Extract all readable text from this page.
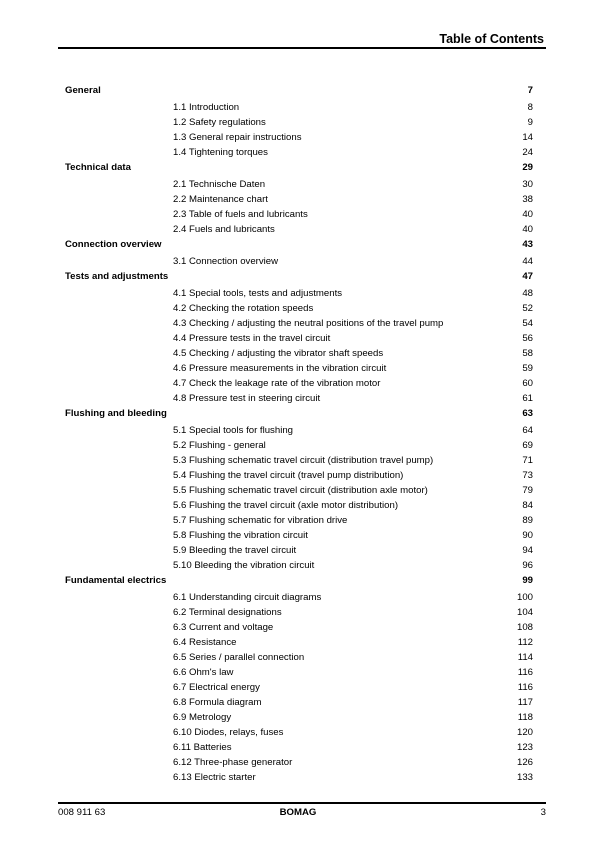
Table of Contents
General	7
1.1 Introduction	8
1.2 Safety regulations	9
1.3 General repair instructions	14
1.4 Tightening torques	24
Technical data	29
2.1 Technische Daten	30
2.2 Maintenance chart	38
2.3 Table of fuels and lubricants	40
2.4 Fuels and lubricants	40
Connection overview	43
3.1 Connection overview	44
Tests and adjustments	47
4.1 Special tools, tests and adjustments	48
4.2 Checking the rotation speeds	52
4.3 Checking / adjusting the neutral positions of the travel pump	54
4.4 Pressure tests in the travel circuit	56
4.5 Checking / adjusting the vibrator shaft speeds	58
4.6 Pressure measurements in the vibration circuit	59
4.7 Check the leakage rate of the vibration motor	60
4.8 Pressure test in steering circuit	61
Flushing and bleeding	63
5.1 Special tools for flushing	64
5.2 Flushing - general	69
5.3 Flushing schematic travel circuit (distribution travel pump)	71
5.4 Flushing the travel circuit (travel pump distribution)	73
5.5 Flushing schematic travel circuit (distribution axle motor)	79
5.6 Flushing the travel circuit (axle motor distribution)	84
5.7 Flushing schematic for vibration drive	89
5.8 Flushing the vibration circuit	90
5.9 Bleeding the travel circuit	94
5.10 Bleeding the vibration circuit	96
Fundamental electrics	99
6.1 Understanding circuit diagrams	100
6.2 Terminal designations	104
6.3 Current and voltage	108
6.4 Resistance	112
6.5 Series / parallel connection	114
6.6 Ohm's law	116
6.7 Electrical energy	116
6.8 Formula diagram	117
6.9 Metrology	118
6.10 Diodes, relays, fuses	120
6.11 Batteries	123
6.12 Three-phase generator	126
6.13 Electric starter	133
008 911 63	BOMAG	3
